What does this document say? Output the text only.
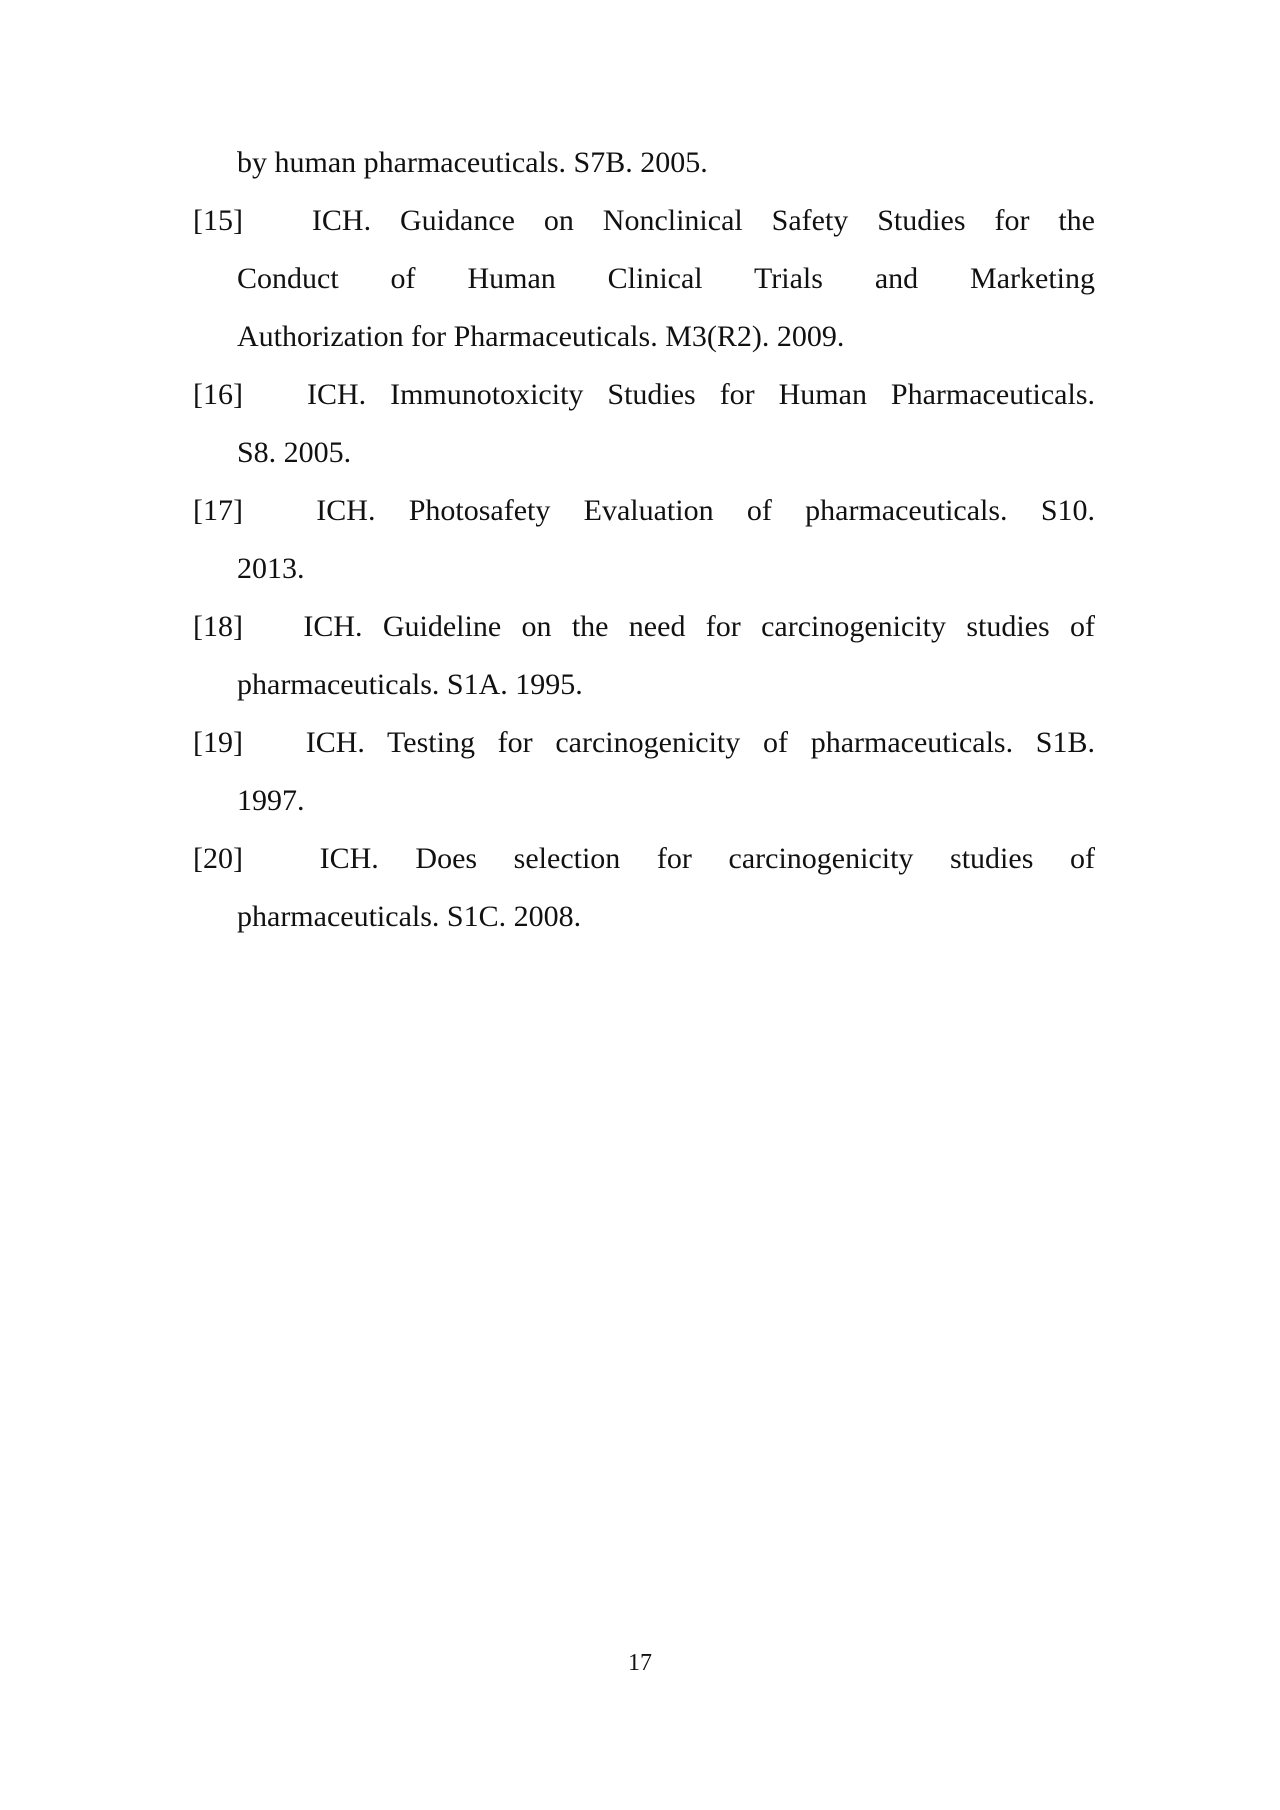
by human pharmaceuticals. S7B. 2005.
[15] ICH. Guidance on Nonclinical Safety Studies for the
Conduct of Human Clinical Trials and Marketing
Authorization for Pharmaceuticals. M3(R2). 2009.
[16] ICH. Immunotoxicity Studies for Human Pharmaceuticals.
S8. 2005.
[17] ICH. Photosafety Evaluation of pharmaceuticals. S10.
2013.
[18] ICH. Guideline on the need for carcinogenicity studies of
pharmaceuticals. S1A. 1995.
[19] ICH. Testing for carcinogenicity of pharmaceuticals. S1B.
1997.
[20]	ICH. Does selection for carcinogenicity studies of
pharmaceuticals. S1C. 2008.
17
